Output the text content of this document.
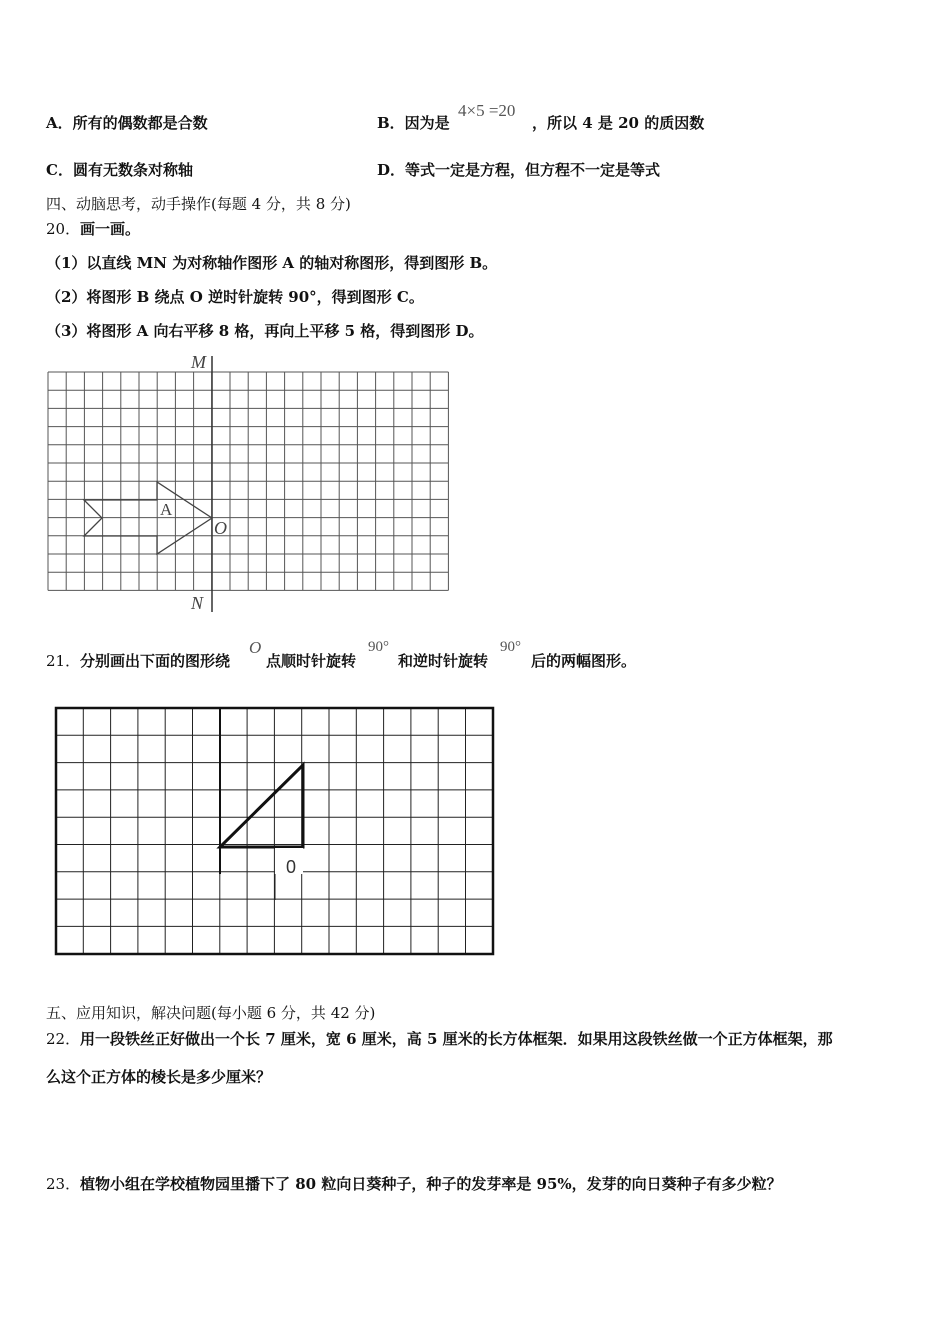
A．所有的偶数都是合数	B．因为是
4×5 =20
，所以 4 是 20 的质因数
C．圆有无数条对称轴	D．等式一定是方程，但方程不一定是等式
四、动脑思考，动手操作(每题 4 分，共 8 分)
20． 画一画。
（1）以直线 MN 为对称轴作图形 A 的轴对称图形，得到图形 B。
（2）将图形 B 绕点 O 逆时针旋转 90°，得到图形 C。
（3）将图形 A 向右平移 8 格，再向上平移 5 格，得到图形 D。
M
N
O
A
0
21． 分别画出下面的图形绕
O
点顺时针旋转
90°
和逆时针旋转
90°
后的两幅图形。
五、应用知识，解决问题(每小题 6 分，共 42 分)
22． 用一段铁丝正好做出一个长 7 厘米，宽 6 厘米，高 5 厘米的长方体框架．如果用这段铁丝做一个正方体框架，那
么这个正方体的棱长是多少厘米？
23． 植物小组在学校植物园里播下了 80 粒向日葵种子，种子的发芽率是 95%，发芽的向日葵种子有多少粒？
